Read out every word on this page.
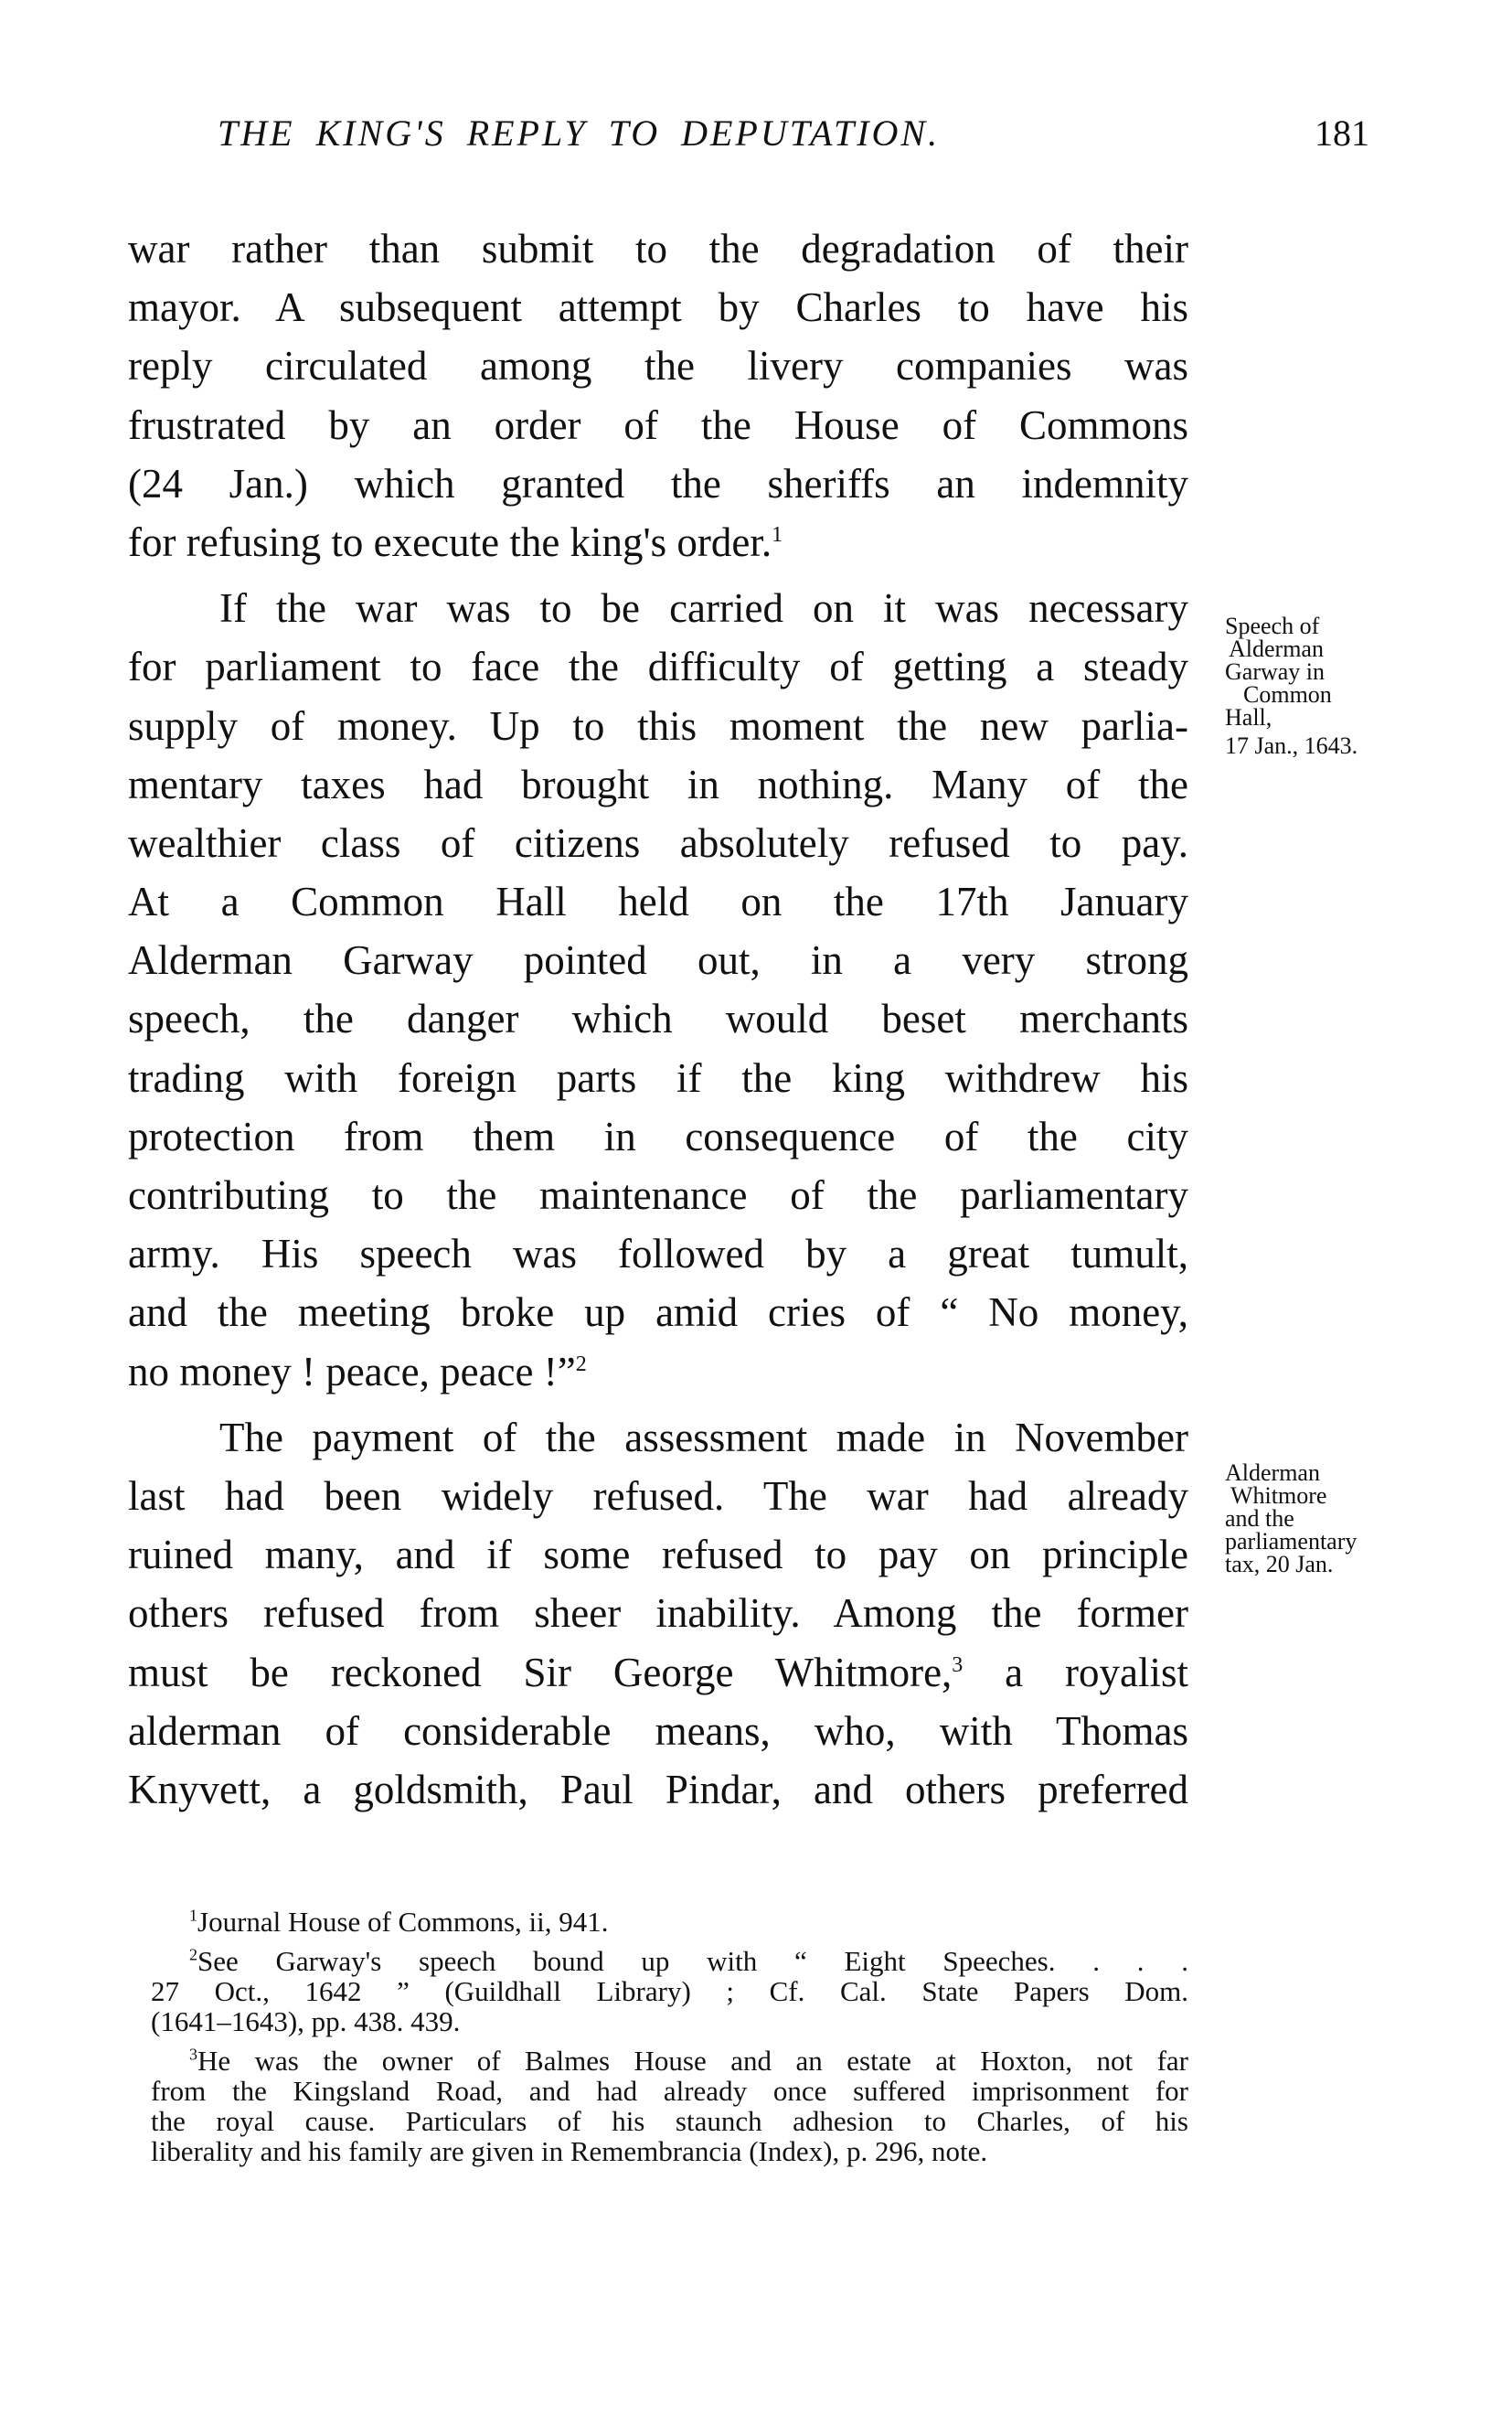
THE KING'S REPLY TO DEPUTATION.	181
war rather than submit to the degradation of their
mayor. A subsequent attempt by Charles to have his
reply circulated among the livery companies was
frustrated by an order of the House of Commons
(24 Jan.) which granted the sheriffs an indemnity
for refusing to execute the king's order.$^1$
If the war was to be carried on it was necessary
for parliament to face the difficulty of getting a steady
supply of money. Up to this moment the new parlia-
mentary taxes had brought in nothing. Many of the
wealthier class of citizens absolutely refused to pay.
At a Common Hall held on the 17th January
Alderman Garway pointed out, in a very strong
speech, the danger which would beset merchants
trading with foreign parts if the king withdrew his
protection from them in consequence of the city
contributing to the maintenance of the parliamentary
army. His speech was followed by a great tumult,
and the meeting broke up amid cries of “ No money,
no money ! peace, peace !”$^2$
The payment of the assessment made in November
last had been widely refused. The war had already
ruined many, and if some refused to pay on principle
others refused from sheer inability. Among the former
must be reckoned Sir George Whitmore,$^3$ a royalist
alderman of considerable means, who, with Thomas
Knyvett, a goldsmith, Paul Pindar, and others preferred
Speech of
Alderman
Garway in
Common
Hall,
17 Jan., 1643.
Alderman
Whitmore
and the
parliamentary
tax, 20 Jan.
$^1$Journal House of Commons, ii, 941.
$^2$See Garway's speech bound up with “ Eight Speeches. . . .
27 Oct., 1642 ” (Guildhall Library) ; Cf. Cal. State Papers Dom.
(1641–1643), pp. 438. 439.
$^3$He was the owner of Balmes House and an estate at Hoxton, not far
from the Kingsland Road, and had already once suffered imprisonment for
the royal cause. Particulars of his staunch adhesion to Charles, of his
liberality and his family are given in Remembrancia (Index), p. 296, note.
